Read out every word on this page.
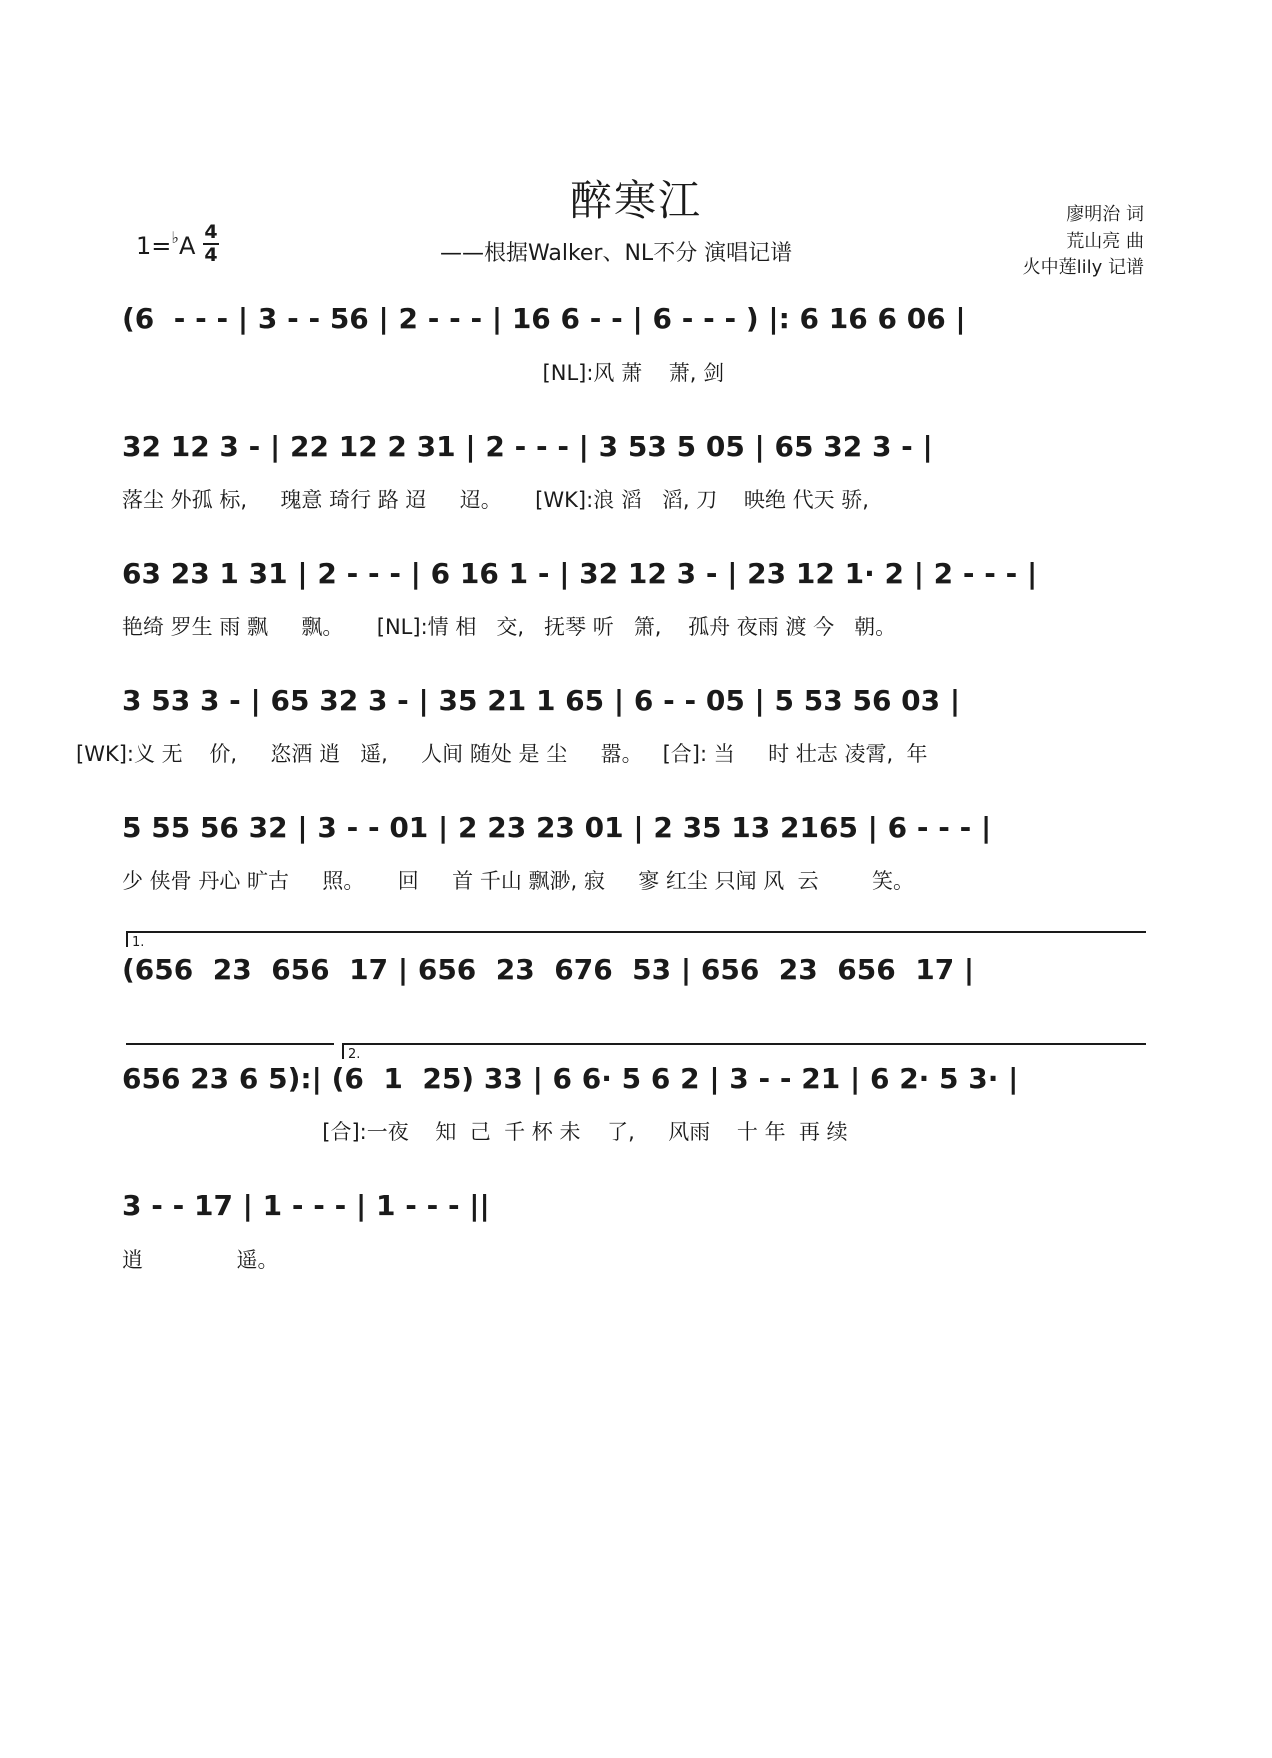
醉寒江
1=♭A 4
4	——根据Walker、NL不分 演唱记谱
廖明治 词
荒山亮 曲
火中莲lily 记谱
(6  - - - | 3 - - 56 | 2 - - - | 16 6 - - | 6 - - - ) |: 6 16 6 06 |
[NL]:风 萧    萧, 剑
32 12 3 - | 22 12 2 31 | 2 - - - | 3 53 5 05 | 65 32 3 - |
落尘 外孤 标,     瑰意 琦行 路 迢     迢。     [WK]:浪 滔   滔, 刀    映绝 代天 骄,
63 23 1 31 | 2 - - - | 6 16 1 - | 32 12 3 - | 23 12 1· 2 | 2 - - - |
艳绮 罗生 雨 飘     飘。     [NL]:情 相   交,   抚琴 听   箫,    孤舟 夜雨 渡 今   朝。
3 53 3 - | 65 32 3 - | 35 21 1 65 | 6 - - 05 | 5 53 56 03 |
[WK]:义 无    价,     恣酒 逍   遥,     人间 随处 是 尘     嚣。   [合]: 当     时 壮志 凌霄,  年
5 55 56 32 | 3 - - 01 | 2 23 23 01 | 2 35 13 2165 | 6 - - - |
少 侠骨 丹心 旷古     照。     回     首 千山 飘渺, 寂     寥 红尘 只闻 风  云        笑。
1.
(656  23  656  17 | 656  23  676  53 | 656  23  656  17 |
2.
656 23 6 5):| (6  1  25) 33 | 6 6· 5 6 2 | 3 - - 21 | 6 2· 5 3· |
[合]:一夜    知  己  千 杯 未    了,     风雨    十 年  再 续
3 - - 17 | 1 - - - | 1 - - - ||
逍              遥。
